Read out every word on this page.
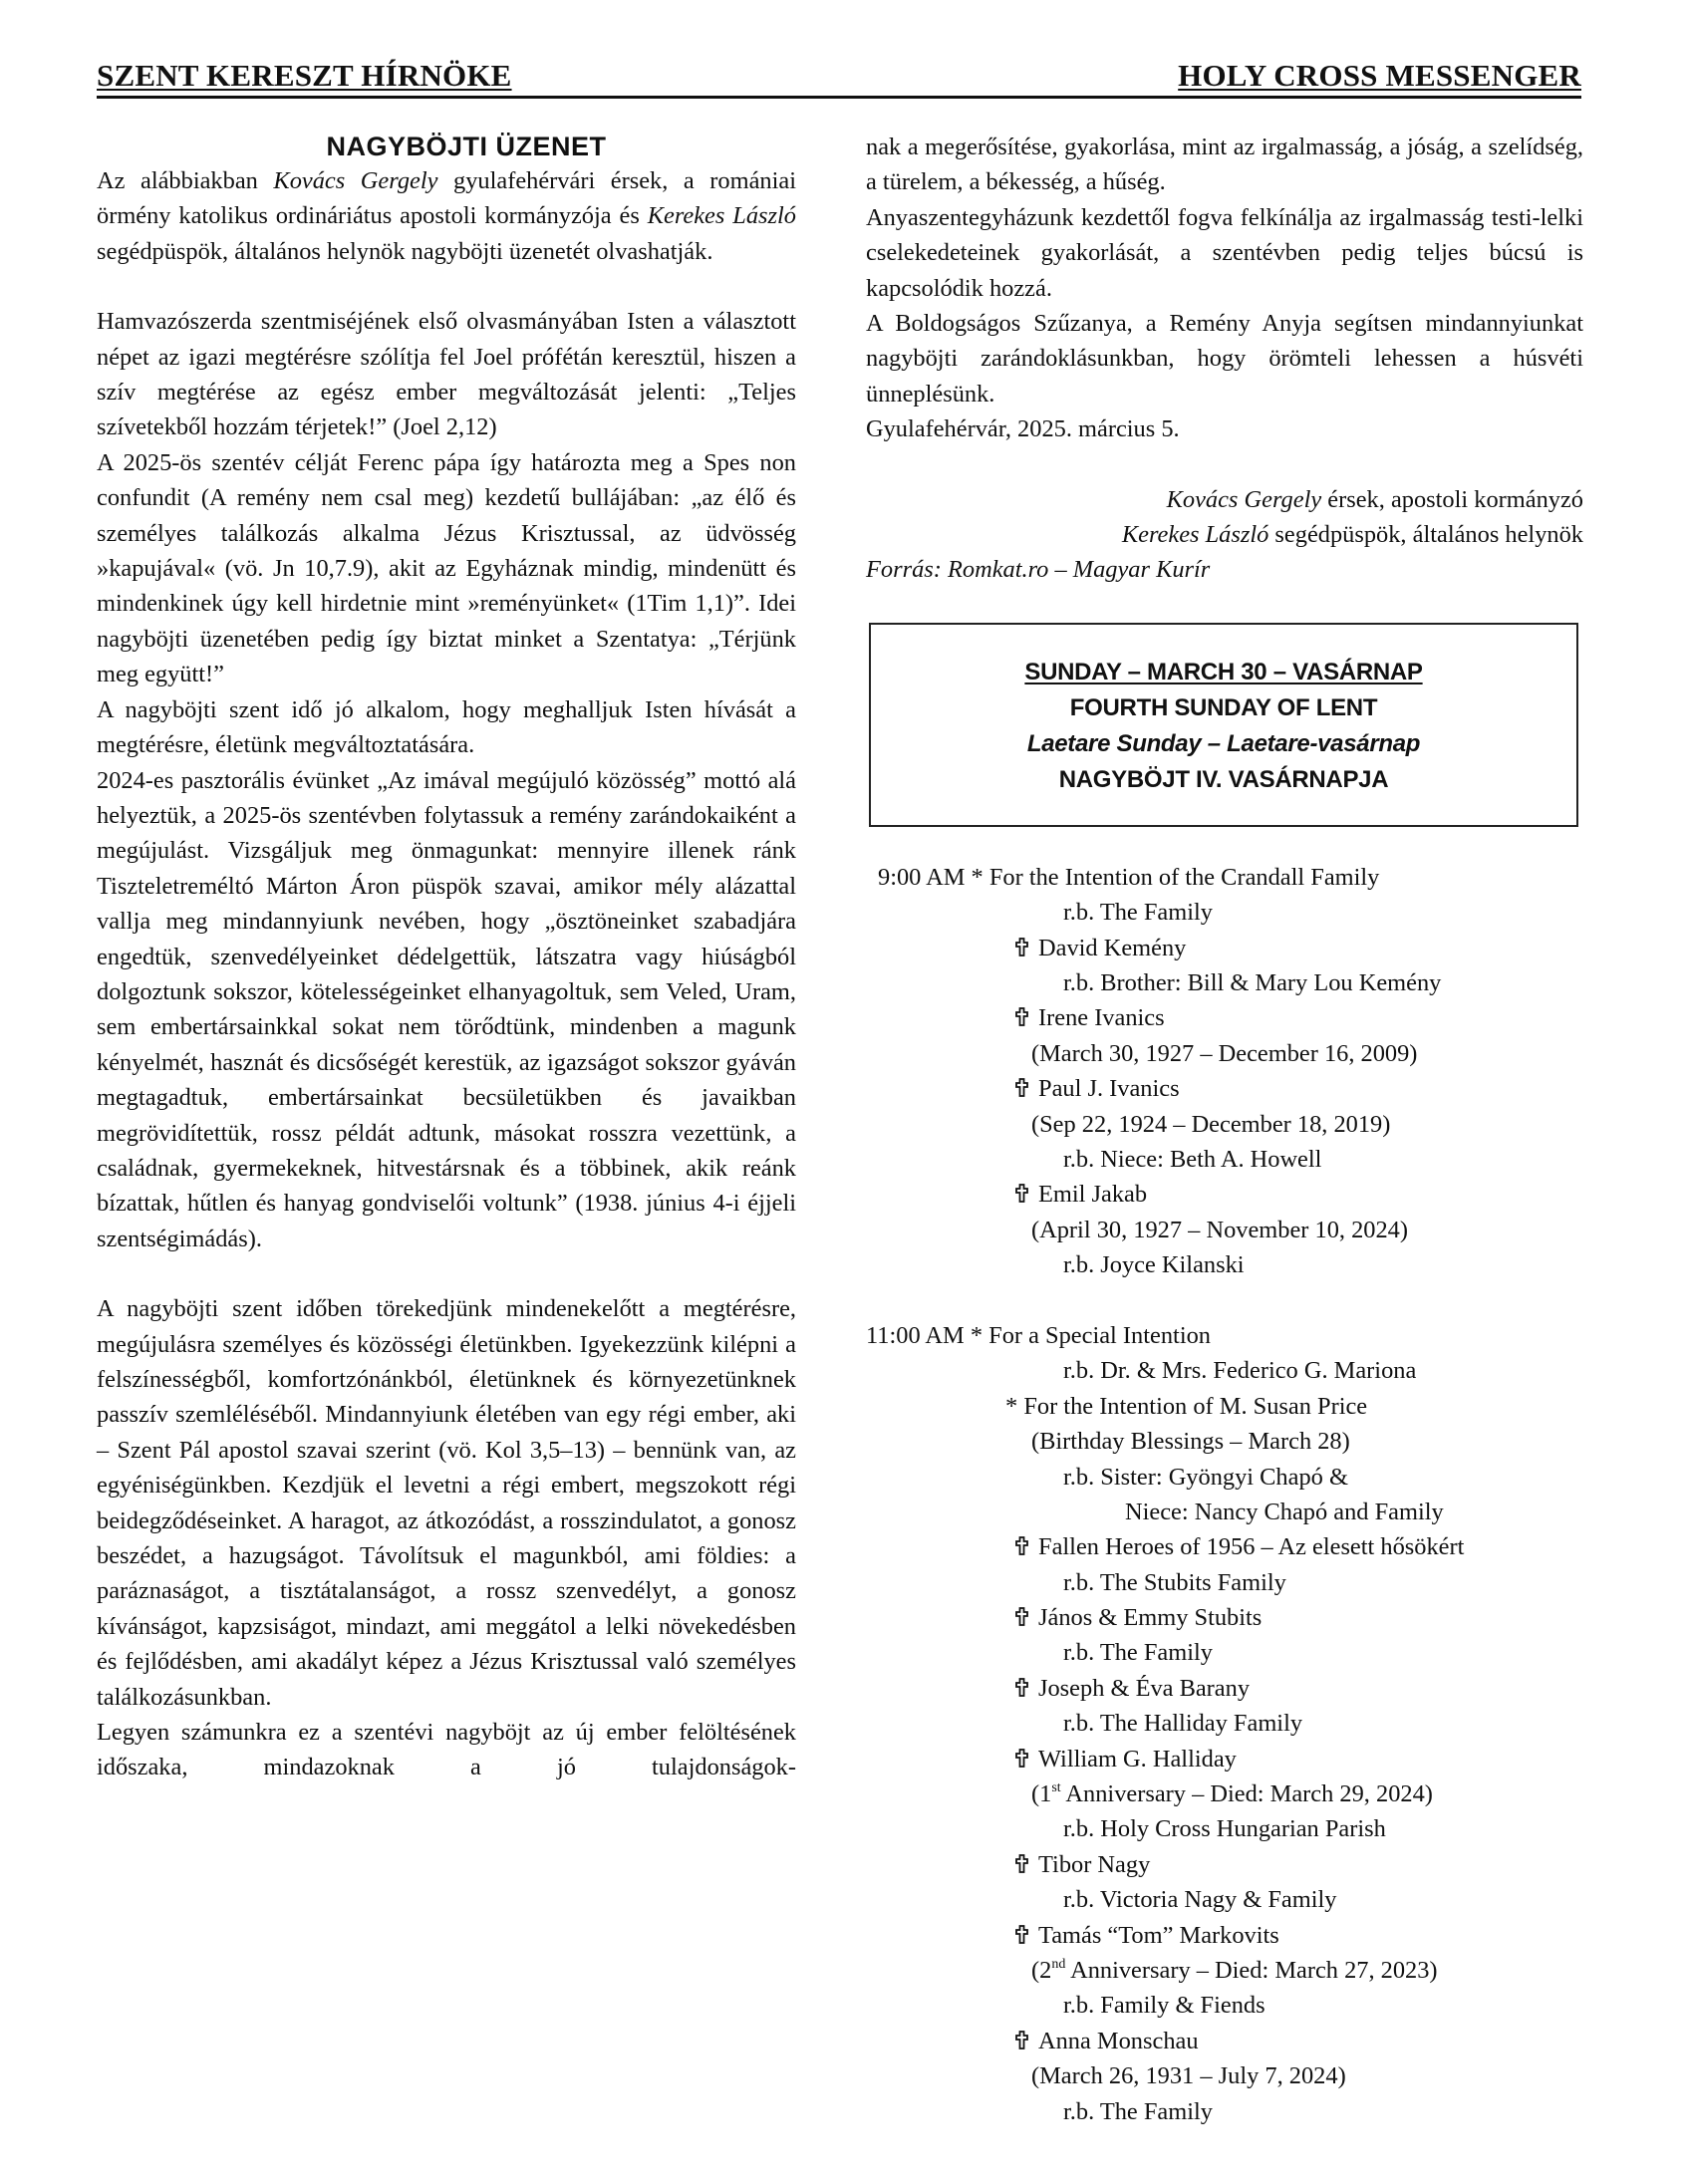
SZENT KERESZT HÍRNÖKE	HOLY CROSS MESSENGER
NAGYBÖJTI ÜZENET

Az alábbiakban Kovács Gergely gyulafehérvári érsek, a romániai örmény katolikus ordináriátus apostoli kormányzója és Kerekes László segédpüspök, általános helynök nagyböjti üzenetét olvashatják.

Hamvazószerda szentmiséjének első olvasmányában Isten a választott népet az igazi megtérésre szólítja fel Joel prófétán keresztül, hiszen a szív megtérése az egész ember megváltozását jelenti: „Teljes szívetekből hozzám térjetek!” (Joel 2,12)

A 2025-ös szentév célját Ferenc pápa így határozta meg a Spes non confundit (A remény nem csal meg) kezdetű bullájában: „az élő és személyes találkozás alkalma Jézus Krisztussal, az üdvösség »kapujával« (vö. Jn 10,7.9), akit az Egyháznak mindig, mindenütt és mindenkinek úgy kell hirdetnie mint »reményünket« (1Tim 1,1)”. Idei nagyböjti üzenetében pedig így biztat minket a Szentatya: „Térjünk meg együtt!”

A nagyböjti szent idő jó alkalom, hogy meghalljuk Isten hívását a megtérésre, életünk megváltoztatására.

2024-es pasztorális évünket „Az imával megújuló közösség” mottó alá helyeztük, a 2025-ös szentévben folytassuk a remény zarándokaiként a megújulást. Vizsgáljuk meg önmagunkat: mennyire illenek ránk Tiszteletreméltó Márton Áron püspök szavai, amikor mély alázattal vallja meg mindannyiunk nevében, hogy „ösztöneinket szabadjára engedtük, szenvedélyeinket dédelgettük, látszatra vagy hiúságból dolgoztunk sokszor, kötelességeinket elhanyagoltuk, sem Veled, Uram, sem embertársainkkal sokat nem törődtünk, mindenben a magunk kényelmét, hasznát és dicsőségét kerestük, az igazságot sokszor gyáván megtagadtuk, embertársainkat becsületükben és javaikban megrövidítettük, rossz példát adtunk, másokat rosszra vezettünk, a családnak, gyermekeknek, hitvestársnak és a többinek, akik reánk bízattak, hűtlen és hanyag gondviselői voltunk” (1938. június 4-i éjjeli szentségimádás).

A nagyböjti szent időben törekedjünk mindenekelőtt a megtérésre, megújulásra személyes és közösségi életünkben. Igyekezzünk kilépni a felszínességből, komfortzónánkból, életünknek és környezetünknek passzív szemléléséből. Mindannyiunk életében van egy régi ember, aki – Szent Pál apostol szavai szerint (vö. Kol 3,5–13) – bennünk van, az egyéniségünkben. Kezdjük el levetni a régi embert, megszokott régi beidegződéseinket. A haragot, az átkozódást, a rosszindulatot, a gonosz beszédet, a hazugságot. Távolítsuk el magunkból, ami földies: a paráznaságot, a tisztátalanságot, a rossz szenvedélyt, a gonosz kívánságot, kapzsiságot, mindazt, ami meggátol a lelki növekedésben és fejlődésben, ami akadályt képez a Jézus Krisztussal való személyes találkozásunkban.

Legyen számunkra ez a szentévi nagyböjt az új ember felöltésének időszaka, mindazoknak a jó tulajdonságok-

nak a megerősítése, gyakorlása, mint az irgalmasság, a jóság, a szelídség, a türelem, a békesség, a hűség.

Anyaszentegyházunk kezdettől fogva felkínálja az irgalmasság testi-lelki cselekedeteinek gyakorlását, a szentévben pedig teljes búcsú is kapcsolódik hozzá.

A Boldogságos Szűzanya, a Remény Anyja segítsen mindannyiunkat nagyböjti zarándoklásunkban, hogy örömteli lehessen a húsvéti ünneplésünk.

Gyulafehérvár, 2025. március 5.

Kovács Gergely érsek, apostoli kormányzó
Kerekes László segédpüspök, általános helynök
Forrás: Romkat.ro – Magyar Kurír
SUNDAY – MARCH 30 – VASÁRNAP
FOURTH SUNDAY OF LENT
Laetare Sunday – Laetare-vasárnap
NAGYBÖJT IV. VASÁRNAPJA
9:00 AM * For the Intention of the Crandall Family
r.b. The Family
David Kemény
r.b. Brother: Bill & Mary Lou Kemény
Irene Ivanics
(March 30, 1927 – December 16, 2009)
Paul J. Ivanics
(Sep 22, 1924 – December 18, 2019)
r.b. Niece: Beth A. Howell
Emil Jakab
(April 30, 1927 – November 10, 2024)
r.b. Joyce Kilanski
11:00 AM * For a Special Intention
r.b. Dr. & Mrs. Federico G. Mariona
* For the Intention of M. Susan Price
(Birthday Blessings – March 28)
r.b. Sister: Gyöngyi Chapó &
Niece: Nancy Chapó and Family
Fallen Heroes of 1956 – Az elesett hősökért
r.b. The Stubits Family
János & Emmy Stubits
r.b. The Family
Joseph & Éva Barany
r.b. The Halliday Family
William G. Halliday
(1st Anniversary – Died: March 29, 2024)
r.b. Holy Cross Hungarian Parish
Tibor Nagy
r.b. Victoria Nagy & Family
Tamás “Tom” Markovits
(2nd Anniversary – Died: March 27, 2023)
r.b. Family & Fiends
Anna Monschau
(March 26, 1931 – July 7, 2024)
r.b. The Family
